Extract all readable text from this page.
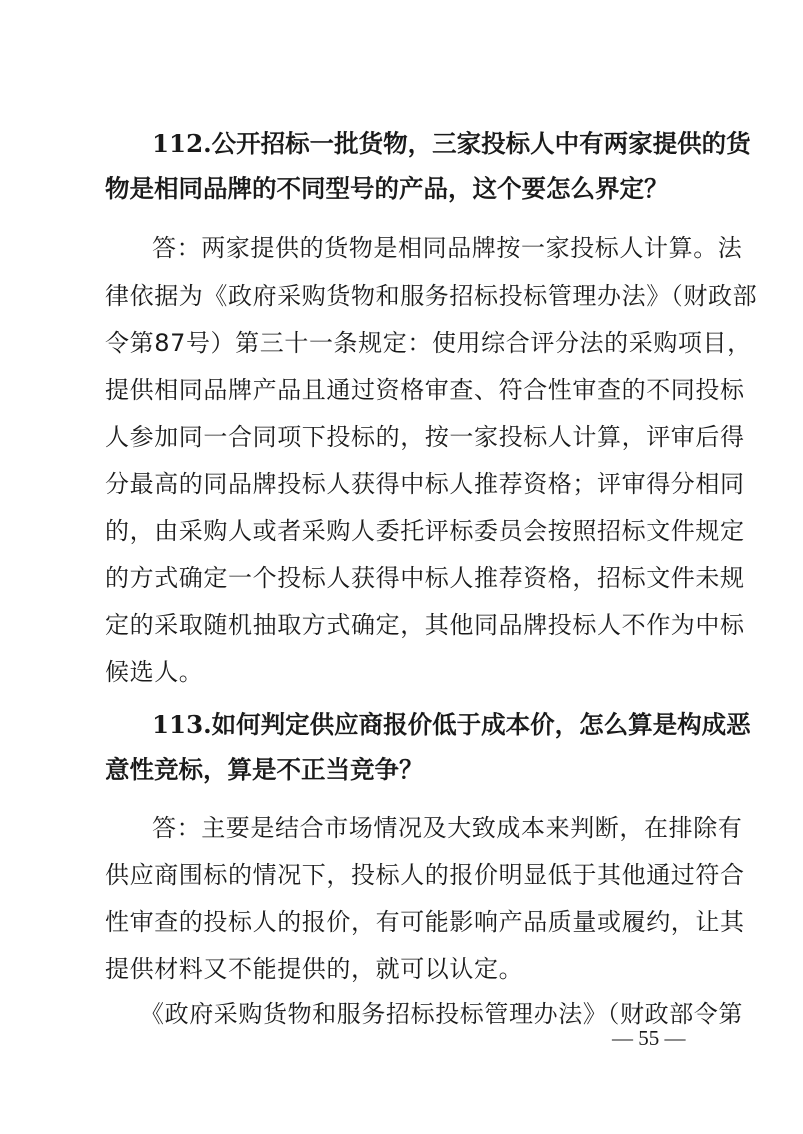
112.公开招标一批货物，三家投标人中有两家提供的货
物是相同品牌的不同型号的产品，这个要怎么界定？
答：两家提供的货物是相同品牌按一家投标人计算。法
律依据为《政府采购货物和服务招标投标管理办法》（财政部
令第87号）第三十一条规定：使用综合评分法的采购项目，
提供相同品牌产品且通过资格审查、符合性审查的不同投标
人参加同一合同项下投标的，按一家投标人计算，评审后得
分最高的同品牌投标人获得中标人推荐资格；评审得分相同
的，由采购人或者采购人委托评标委员会按照招标文件规定
的方式确定一个投标人获得中标人推荐资格，招标文件未规
定的采取随机抽取方式确定，其他同品牌投标人不作为中标
候选人。
113.如何判定供应商报价低于成本价，怎么算是构成恶
意性竞标，算是不正当竞争？
答：主要是结合市场情况及大致成本来判断，在排除有
供应商围标的情况下，投标人的报价明显低于其他通过符合
性审查的投标人的报价，有可能影响产品质量或履约，让其
提供材料又不能提供的，就可以认定。
《政府采购货物和服务招标投标管理办法》（财政部令第
— 55 —
